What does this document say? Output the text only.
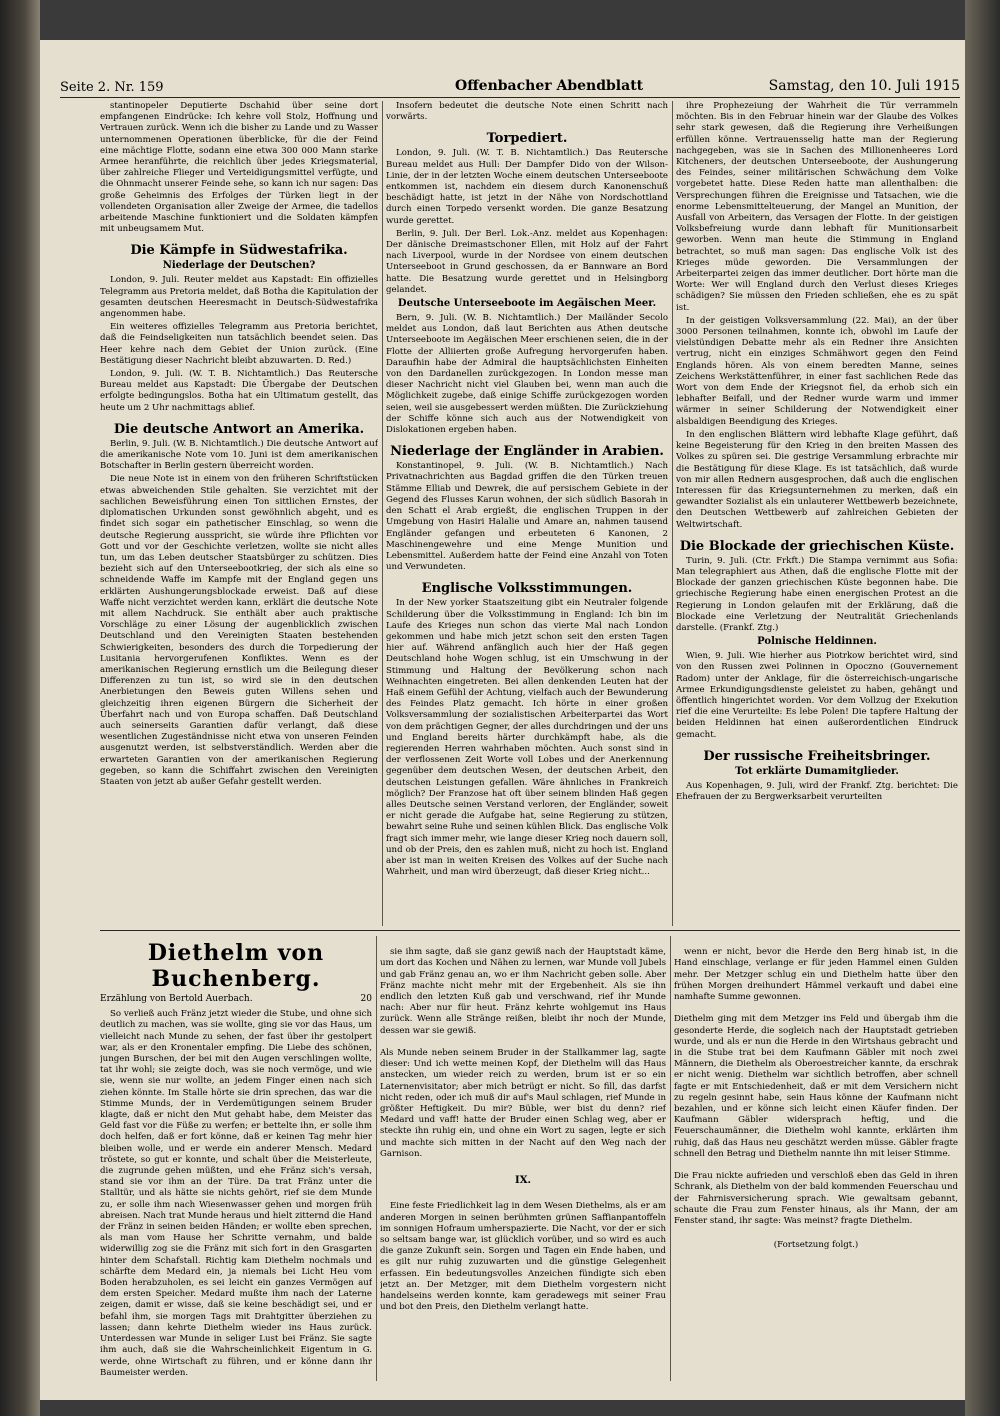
Seite 2. Nr. 159	Offenbacher Abendblatt	Samstag, den 10. Juli 1915

stantinopeler Deputierte Dschahid über seine dort empfangenen Eindrücke: Ich kehre voll Stolz, Hoffnung und Vertrauen zurück. Wenn ich die bisher zu Lande und zu Wasser unternommenen Operationen überblicke, für die der Feind eine mächtige Flotte, sodann eine etwa 300 000 Mann starke Armee heranführte, die reichlich über jedes Kriegsmaterial, über zahlreiche Flieger und Verteidigungsmittel verfügte, und die Ohnmacht unserer Feinde sehe, so kann ich nur sagen: Das große Geheimnis des Erfolges der Türken liegt in der vollendeten Organisation aller Zweige der Armee, die tadellos arbeitende Maschine funktioniert und die Soldaten kämpfen mit unbeugsamem Mut.

Die Kämpfe in Südwestafrika.
Niederlage der Deutschen?

London, 9. Juli. Reuter meldet aus Kapstadt: Ein offizielles Telegramm aus Pretoria meldet, daß Botha die Kapitulation der gesamten deutschen Heeresmacht in Deutsch-Südwestafrika angenommen habe.

Ein weiteres offizielles Telegramm aus Pretoria berichtet, daß die Feindseligkeiten nun tatsächlich beendet seien. Das Heer kehre nach dem Gebiet der Union zurück. (Eine Bestätigung dieser Nachricht bleibt abzuwarten. D. Red.)

London, 9. Juli. (W. T. B. Nichtamtlich.) Das Reutersche Bureau meldet aus Kapstadt: Die Übergabe der Deutschen erfolgte bedingungslos. Botha hat ein Ultimatum gestellt, das heute um 2 Uhr nachmittags ablief.

Die deutsche Antwort an Amerika.

Berlin, 9. Juli. (W. B. Nichtamtlich.) Die deutsche Antwort auf die amerikanische Note vom 10. Juni ist dem amerikanischen Botschafter in Berlin gestern überreicht worden.

Die neue Note ist in einem von den früheren Schriftstücken etwas abweichenden Stile gehalten. Sie verzichtet mit der sachlichen Beweisführung einen Ton sittlichen Ernstes, der diplomatischen Urkunden sonst gewöhnlich abgeht, und es findet sich sogar ein pathetischer Einschlag, so wenn die deutsche Regierung ausspricht, sie würde ihre Pflichten vor Gott und vor der Geschichte verletzen, wollte sie nicht alles tun, um das Leben deutscher Staatsbürger zu schützen. Dies bezieht sich auf den Unterseebootkrieg, der sich als eine so schneidende Waffe im Kampfe mit der England gegen uns erklärten Aushungerungsblockade erweist. Daß auf diese Waffe nicht verzichtet werden kann, erklärt die deutsche Note mit allem Nachdruck. Sie enthält aber auch praktische Vorschläge zu einer Lösung der augenblicklich zwischen Deutschland und den Vereinigten Staaten bestehenden Schwierigkeiten, besonders des durch die Torpedierung der Lusitania hervorgerufenen Konfliktes. Wenn es der amerikanischen Regierung ernstlich um die Beilegung dieser Differenzen zu tun ist, so wird sie in den deutschen Anerbietungen den Beweis guten Willens sehen und gleichzeitig ihren eigenen Bürgern die Sicherheit der Überfahrt nach und von Europa schaffen. Daß Deutschland auch seinerseits Garantien dafür verlangt, daß diese wesentlichen Zugeständnisse nicht etwa von unseren Feinden ausgenutzt werden, ist selbstverständlich. Werden aber die erwarteten Garantien von der amerikanischen Regierung gegeben, so kann die Schiffahrt zwischen den Vereinigten Staaten von jetzt ab außer Gefahr gestellt werden.

Insofern bedeutet die deutsche Note einen Schritt nach vorwärts.

Torpediert.

London, 9. Juli. (W. T. B. Nichtamtlich.) Das Reutersche Bureau meldet aus Hull: Der Dampfer Dido von der Wilson-Linie, der in der letzten Woche einem deutschen Unterseeboote entkommen ist, nachdem ein diesem durch Kanonenschuß beschädigt hatte, ist jetzt in der Nähe von Nordschottland durch einen Torpedo versenkt worden. Die ganze Besatzung wurde gerettet.

Berlin, 9. Juli. Der Berl. Lok.-Anz. meldet aus Kopenhagen: Der dänische Dreimastschoner Ellen, mit Holz auf der Fahrt nach Liverpool, wurde in der Nordsee von einem deutschen Unterseeboot in Grund geschossen, da er Bannware an Bord hatte. Die Besatzung wurde gerettet und in Helsingborg gelandet.

Deutsche Unterseeboote im Aegäischen Meer.

Bern, 9. Juli. (W. B. Nichtamtlich.) Der Mailänder Secolo meldet aus London, daß laut Berichten aus Athen deutsche Unterseeboote im Aegäischen Meer erschienen seien, die in der Flotte der Alliierten große Aufregung hervorgerufen haben. Daraufhin habe der Admiral die hauptsächlichsten Einheiten von den Dardanellen zurückgezogen. In London messe man dieser Nachricht nicht viel Glauben bei, wenn man auch die Möglichkeit zugebe, daß einige Schiffe zurückgezogen worden seien, weil sie ausgebessert werden müßten. Die Zurückziehung der Schiffe könne sich auch aus der Notwendigkeit von Dislokationen ergeben haben.

Niederlage der Engländer in Arabien.

Konstantinopel, 9. Juli. (W. B. Nichtamtlich.) Nach Privatnachrichten aus Bagdad griffen die den Türken treuen Stämme Elliab und Dewrek, die auf persischem Gebiete in der Gegend des Flusses Karun wohnen, der sich südlich Basorah in den Schatt el Arab ergießt, die englischen Truppen in der Umgebung von Hasiri Halalie und Amare an, nahmen tausend Engländer gefangen und erbeuteten 6 Kanonen, 2 Maschinengewehre und eine Menge Munition und Lebensmittel. Außerdem hatte der Feind eine Anzahl von Toten und Verwundeten.

Englische Volksstimmungen.

In der New yorker Staatszeitung gibt ein Neutraler folgende Schilderung über die Volksstimmung in England: Ich bin im Laufe des Krieges nun schon das vierte Mal nach London gekommen und habe mich jetzt schon seit den ersten Tagen hier auf. Während anfänglich auch hier der Haß gegen Deutschland hohe Wogen schlug, ist ein Umschwung in der Stimmung und Haltung der Bevölkerung schon nach Weihnachten eingetreten. Bei allen denkenden Leuten hat der Haß einem Gefühl der Achtung, vielfach auch der Bewunderung des Feindes Platz gemacht. Ich hörte in einer großen Volksversammlung der sozialistischen Arbeiterpartei das Wort von dem prächtigen Gegner, der alles durchdringen und der uns und England bereits härter durchkämpft habe, als die regierenden Herren wahrhaben möchten. Auch sonst sind in der verflossenen Zeit Worte voll Lobes und der Anerkennung gegenüber dem deutschen Wesen, der deutschen Arbeit, den deutschen Leistungen gefallen. Wäre ähnliches in Frankreich möglich? Der Franzose hat oft über seinem blinden Haß gegen alles Deutsche seinen Verstand verloren, der Engländer, soweit er nicht gerade die Aufgabe hat, seine Regierung zu stützen, bewahrt seine Ruhe und seinen kühlen Blick. Das englische Volk fragt sich immer mehr, wie lange dieser Krieg noch dauern soll, und ob der Preis, den es zahlen muß, nicht zu hoch ist. England aber ist man in weiten Kreisen des Volkes auf der Suche nach Wahrheit, und man wird überzeugt, daß dieser Krieg nicht...

ihre Prophezeiung der Wahrheit die Tür verrammeln möchten. Bis in den Februar hinein war der Glaube des Volkes sehr stark gewesen, daß die Regierung ihre Verheißungen erfüllen könne. Vertrauensselig hatte man der Regierung nachgegeben, was sie in Sachen des Millionenheeres Lord Kitcheners, der deutschen Unterseeboote, der Aushungerung des Feindes, seiner militärischen Schwächung dem Volke vorgebetet hatte. Diese Reden hatte man allenthalben: die Versprechungen führen die Ereignisse und Tatsachen, wie die enorme Lebensmittelteuerung, der Mangel an Munition, der Ausfall von Arbeitern, das Versagen der Flotte. In der geistigen Volksbefreiung wurde dann lebhaft für Munitionsarbeit geworben. Wenn man heute die Stimmung in England betrachtet, so muß man sagen: Das englische Volk ist des Krieges müde geworden. Die Versammlungen der Arbeiterpartei zeigen das immer deutlicher. Dort hörte man die Worte: Wer will England durch den Verlust dieses Krieges schädigen? Sie müssen den Frieden schließen, ehe es zu spät ist.

In der geistigen Volksversammlung (22. Mai), an der über 3000 Personen teilnahmen, konnte ich, obwohl im Laufe der vielstündigen Debatte mehr als ein Redner ihre Ansichten vertrug, nicht ein einziges Schmähwort gegen den Feind Englands hören. Als von einem beredten Manne, seines Zeichens Werkstättenführer, in einer fast sachlichen Rede das Wort von dem Ende der Kriegsnot fiel, da erhob sich ein lebhafter Beifall, und der Redner wurde warm und immer wärmer in seiner Schilderung der Notwendigkeit einer alsbaldigen Beendigung des Krieges.

In den englischen Blättern wird lebhafte Klage geführt, daß keine Begeisterung für den Krieg in den breiten Massen des Volkes zu spüren sei. Die gestrige Versammlung erbrachte mir die Bestätigung für diese Klage. Es ist tatsächlich, daß wurde von mir allen Rednern ausgesprochen, daß auch die englischen Interessen für das Kriegsunternehmen zu merken, daß ein gewandter Sozialist als ein unlauterer Wettbewerb bezeichnete, den Deutschen Wettbewerb auf zahlreichen Gebieten der Weltwirtschaft.

Die Blockade der griechischen Küste.

Turin, 9. Juli. (Ctr. Frkft.) Die Stampa vernimmt aus Sofia: Man telegraphiert aus Athen, daß die englische Flotte mit der Blockade der ganzen griechischen Küste begonnen habe. Die griechische Regierung habe einen energischen Protest an die Regierung in London gelaufen mit der Erklärung, daß die Blockade eine Verletzung der Neutralität Griechenlands darstelle. (Frankf. Ztg.)

Polnische Heldinnen.

Wien, 9. Juli. Wie hierher aus Piotrkow berichtet wird, sind von den Russen zwei Polinnen in Opoczno (Gouvernement Radom) unter der Anklage, für die österreichisch-ungarische Armee Erkundigungsdienste geleistet zu haben, gehängt und öffentlich hingerichtet worden. Vor dem Vollzug der Exekution rief die eine Verurteilte: Es lebe Polen! Die tapfere Haltung der beiden Heldinnen hat einen außerordentlichen Eindruck gemacht.

Der russische Freiheitsbringer.
Tot erklärte Dumamitglieder.

Aus Kopenhagen, 9. Juli, wird der Frankf. Ztg. berichtet: Die Ehefrauen der zu Bergwerksarbeit verurteilten

Diethelm von Buchenberg.
Erzählung von Bertold Auerbach.	20

So verließ auch Fränz jetzt wieder die Stube, und ohne sich deutlich zu machen, was sie wollte, ging sie vor das Haus, um vielleicht nach Munde zu sehen, der fast über ihr gestolpert war, als er den Kronentaler empfing. Die Liebe des schönen, jungen Burschen, der bei mit den Augen verschlingen wollte, tat ihr wohl; sie zeigte doch, was sie noch vermöge, und wie sie, wenn sie nur wollte, an jedem Finger einen nach sich ziehen könnte. Im Stalle hörte sie drin sprechen, das war die Stimme Munds, der in Verdemütigungen seinem Bruder klagte, daß er nicht den Mut gehabt habe, dem Meister das Geld fast vor die Füße zu werfen; er bettelte ihn, er solle ihm doch helfen, daß er fort könne, daß er keinen Tag mehr hier bleiben wolle, und er werde ein anderer Mensch. Medard tröstete, so gut er konnte, und schalt über die Meisterleute, die zugrunde gehen müßten, und ehe Fränz sich's versah, stand sie vor ihm an der Türe. Da trat Fränz unter die Stalltür, und als hätte sie nichts gehört, rief sie dem Munde zu, er solle ihm nach Wiesenwasser gehen und morgen früh abreisen. Nach trat Munde heraus und hielt zitternd die Hand der Fränz in seinen beiden Händen; er wollte eben sprechen, als man vom Hause her Schritte vernahm, und balde widerwillig zog sie die Fränz mit sich fort in den Grasgarten hinter dem Schafstall. Richtig kam Diethelm nochmals und schärfte dem Medard ein, ja niemals bei Licht Heu vom Boden herabzuholen, es sei leicht ein ganzes Vermögen auf dem ersten Speicher. Medard mußte ihm nach der Laterne zeigen, damit er wisse, daß sie keine beschädigt sei, und er befahl ihm, sie morgen Tags mit Drahtgitter überziehen zu lassen; dann kehrte Diethelm wieder ins Haus zurück. Unterdessen war Munde in seliger Lust bei Fränz. Sie sagte ihm auch, daß sie die Wahrscheinlichkeit Eigentum in G. werde, ohne Wirtschaft zu führen, und er könne dann ihr Baumeister werden.

sie ihm sagte, daß sie ganz gewiß nach der Hauptstadt käme, um dort das Kochen und Nähen zu lernen, war Munde voll Jubels und gab Fränz genau an, wo er ihm Nachricht geben solle. Aber Fränz machte nicht mehr mit der Ergebenheit. Als sie ihn endlich den letzten Kuß gab und verschwand, rief ihr Munde nach: Aber nur für heut. Fränz kehrte wohlgemut ins Haus zurück. Wenn alle Stränge reißen, bleibt ihr noch der Munde, dessen war sie gewiß.

Als Munde neben seinem Bruder in der Stallkammer lag, sagte dieser: Und ich wette meinen Kopf, der Diethelm will das Haus anstecken, um wieder reich zu werden, brum ist er so ein Laternenvisitator; aber mich betrügt er nicht. So fill, das darfst nicht reden, oder ich muß dir auf's Maul schlagen, rief Munde in größter Heftigkeit. Du mir? Büble, wer bist du denn? rief Medard und vaff! hatte der Bruder einen Schlag weg, aber er steckte ihn ruhig ein, und ohne ein Wort zu sagen, legte er sich und machte sich mitten in der Nacht auf den Weg nach der Garnison.

IX.

Eine feste Friedlichkeit lag in dem Wesen Diethelms, als er am anderen Morgen in seinen berühmten grünen Saffianpantoffeln im sonnigen Hofraum umherspazierte. Die Nacht, vor der er sich so seltsam bange war, ist glücklich vorüber, und so wird es auch die ganze Zukunft sein. Sorgen und Tagen ein Ende haben, und es gilt nur ruhig zuzuwarten und die günstige Gelegenheit erfassen. Ein bedeutungsvolles Anzeichen fündigte sich eben jetzt an. Der Metzger, mit dem Diethelm vorgestern nicht handelseins werden konnte, kam geradewegs mit seiner Frau und bot den Preis, den Diethelm verlangt hatte.

wenn er nicht, bevor die Herde den Berg hinab ist, in die Hand einschlage, verlange er für jeden Hammel einen Gulden mehr. Der Metzger schlug ein und Diethelm hatte über den frühen Morgen dreihundert Hämmel verkauft und dabei eine namhafte Summe gewonnen.

Diethelm ging mit dem Metzger ins Feld und übergab ihm die gesonderte Herde, die sogleich nach der Hauptstadt getrieben wurde, und als er nun die Herde in den Wirtshaus gebracht und in die Stube trat bei dem Kaufmann Gäbler mit noch zwei Männern, die Diethelm als Oberoestreicher kannte, da erschrak er nicht wenig. Diethelm war sichtlich betroffen, aber schnell fagte er mit Entschiedenheit, daß er mit dem Versichern nicht zu regeln gesinnt habe, sein Haus könne der Kaufmann nicht bezahlen, und er könne sich leicht einen Käufer finden. Der Kaufmann Gäbler widersprach heftig, und die Feuerschaumänner, die Diethelm wohl kannte, erklärten ihm ruhig, daß das Haus neu geschätzt werden müsse. Gäbler fragte schnell den Betrag und Diethelm nannte ihn mit leiser Stimme.

Die Frau nickte aufrieden und verschloß eben das Geld in ihren Schrank, als Diethelm von der bald kommenden Feuerschau und der Fahrnisversicherung sprach. Wie gewaltsam gebannt, schaute die Frau zum Fenster hinaus, als ihr Mann, der am Fenster stand, ihr sagte: Was meinst? fragte Diethelm.

(Fortsetzung folgt.)
